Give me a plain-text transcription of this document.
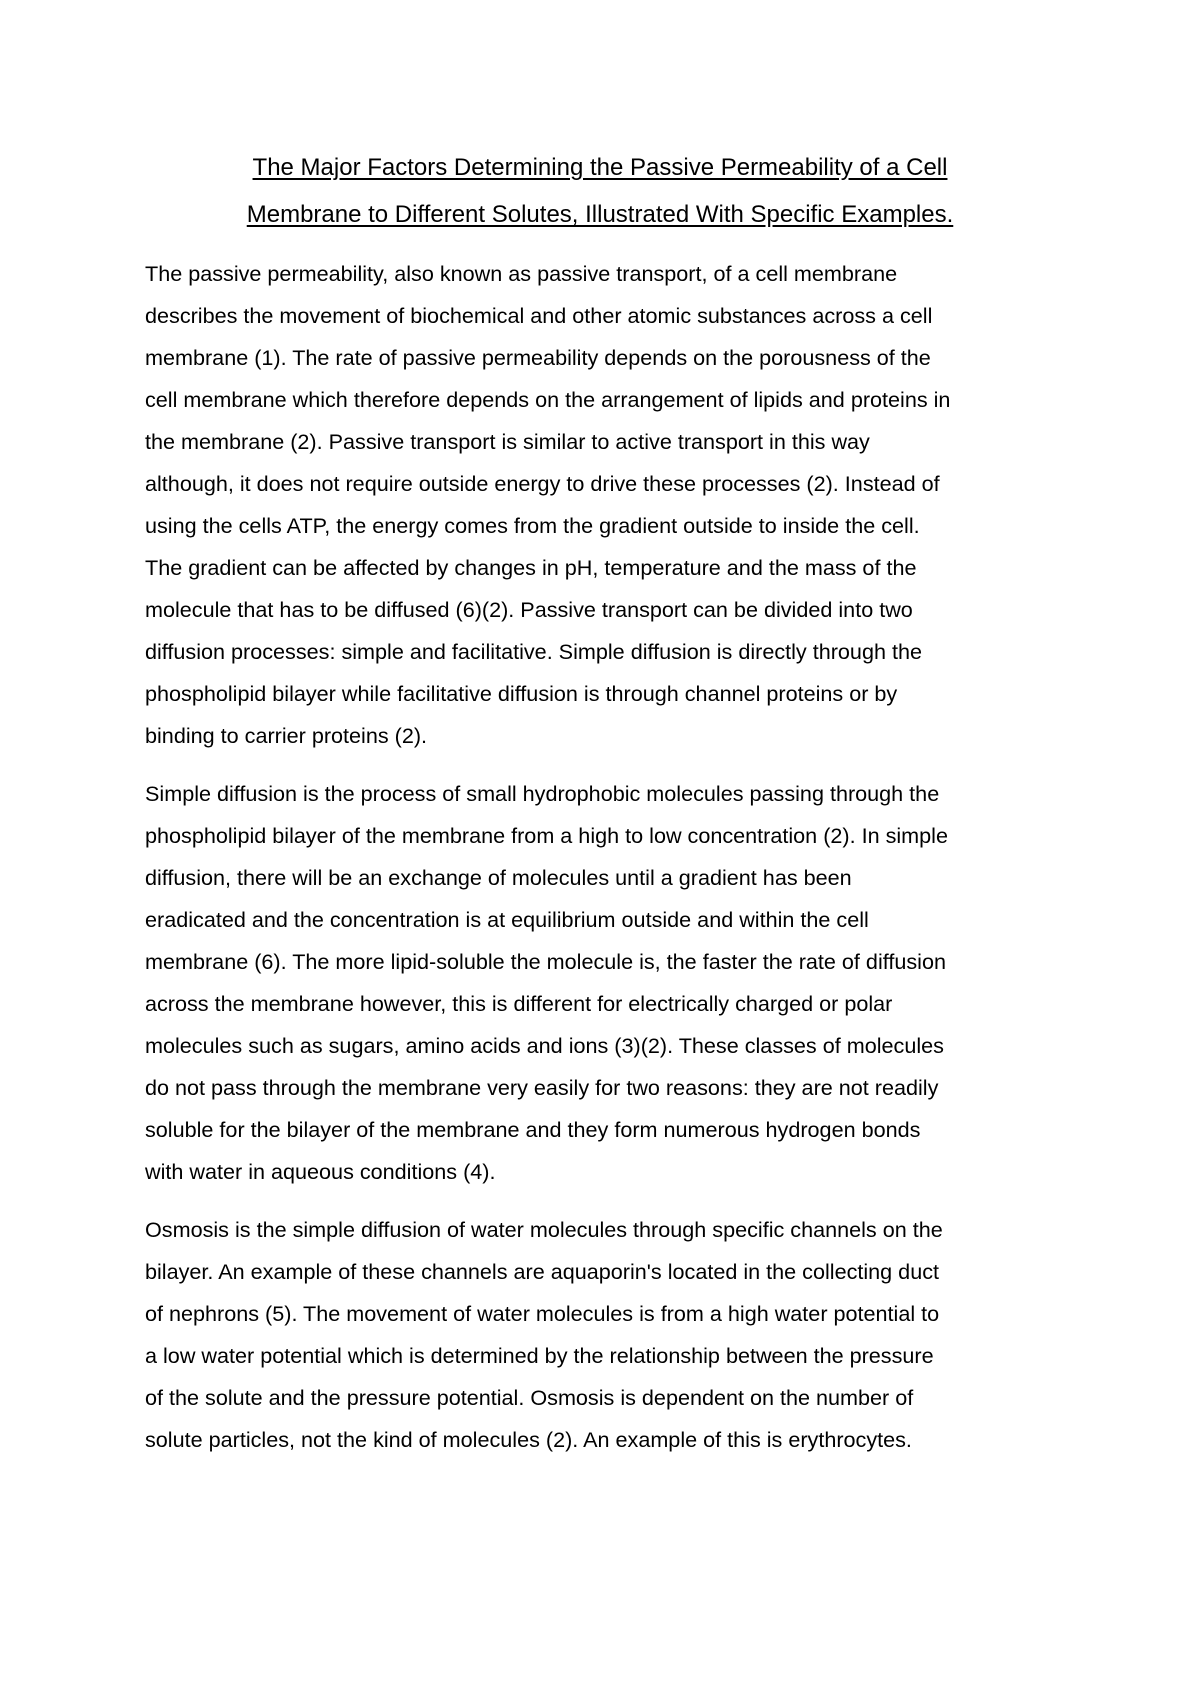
The Major Factors Determining the Passive Permeability of a Cell
Membrane to Different Solutes, Illustrated With Specific Examples.

The passive permeability, also known as passive transport, of a cell membrane
describes the movement of biochemical and other atomic substances across a cell
membrane (1). The rate of passive permeability depends on the porousness of the
cell membrane which therefore depends on the arrangement of lipids and proteins in
the membrane (2). Passive transport is similar to active transport in this way
although, it does not require outside energy to drive these processes (2). Instead of
using the cells ATP, the energy comes from the gradient outside to inside the cell.
The gradient can be affected by changes in pH, temperature and the mass of the
molecule that has to be diffused (6)(2). Passive transport can be divided into two
diffusion processes: simple and facilitative. Simple diffusion is directly through the
phospholipid bilayer while facilitative diffusion is through channel proteins or by
binding to carrier proteins (2).

Simple diffusion is the process of small hydrophobic molecules passing through the
phospholipid bilayer of the membrane from a high to low concentration (2). In simple
diffusion, there will be an exchange of molecules until a gradient has been
eradicated and the concentration is at equilibrium outside and within the cell
membrane (6). The more lipid-soluble the molecule is, the faster the rate of diffusion
across the membrane however, this is different for electrically charged or polar
molecules such as sugars, amino acids and ions (3)(2). These classes of molecules
do not pass through the membrane very easily for two reasons: they are not readily
soluble for the bilayer of the membrane and they form numerous hydrogen bonds
with water in aqueous conditions (4).

Osmosis is the simple diffusion of water molecules through specific channels on the
bilayer. An example of these channels are aquaporin's located in the collecting duct
of nephrons (5). The movement of water molecules is from a high water potential to
a low water potential which is determined by the relationship between the pressure
of the solute and the pressure potential. Osmosis is dependent on the number of
solute particles, not the kind of molecules (2). An example of this is erythrocytes.
